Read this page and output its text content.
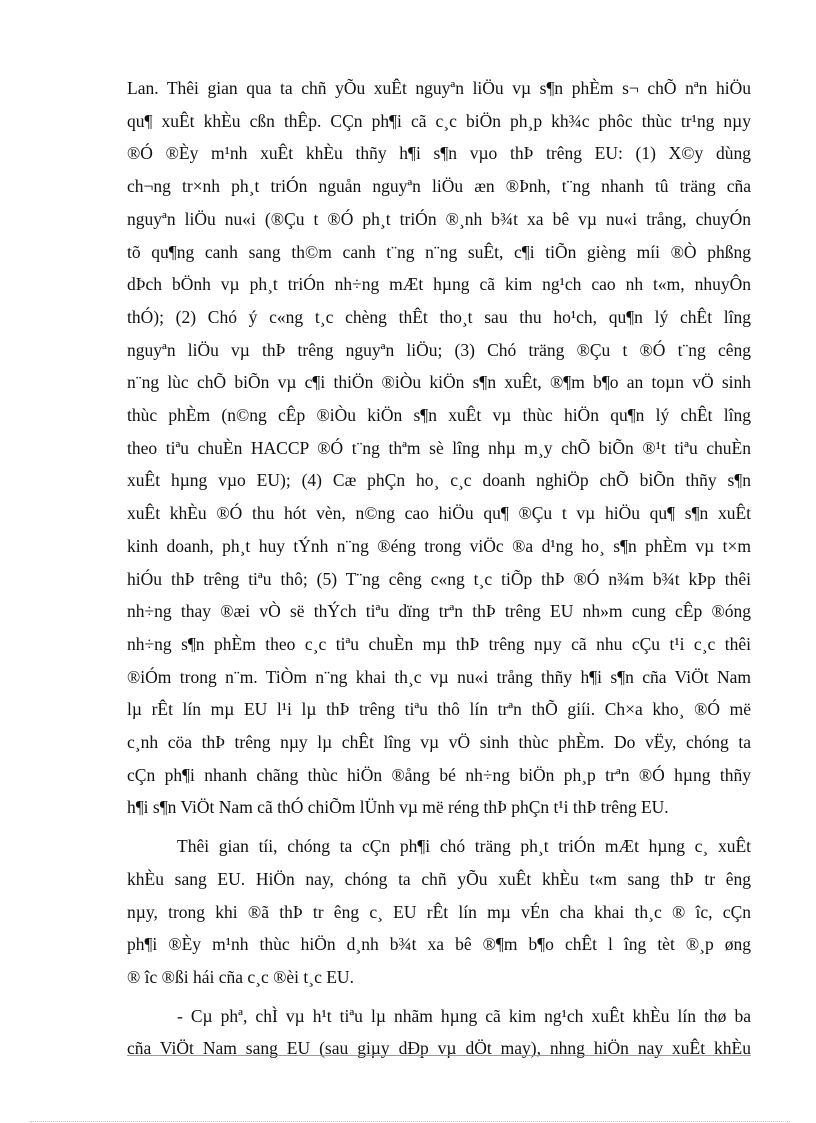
Lan. Thêi gian qua ta chñ yÕu xuÊt nguyªn liÖu vµ s¶n phÈm s¬ chÕ nªn hiÖu
qu¶ xuÊt khÈu cßn thÊp. CÇn ph¶i cã c¸c biÖn ph¸p kh¾c phôc thùc tr¹ng nµy
®Ó ®Èy m¹nh xuÊt khÈu thñy h¶i s¶n vµo thÞ trêng EU: (1) X©y dùng
ch¬ng tr×nh ph¸t triÓn nguån nguyªn liÖu æn ®Þnh, t¨ng nhanh tû träng cña
nguyªn liÖu nu«i (®Çu t ®Ó ph¸t triÓn ®¸nh b¾t xa bê vµ nu«i trång, chuyÓn
tõ qu¶ng canh sang th©m canh t¨ng n¨ng suÊt, c¶i tiÕn gièng míi ®Ò phßng
dÞch bÖnh vµ ph¸t triÓn nh÷ng mÆt hµng cã kim ng¹ch cao nh t«m, nhuyÔn
thÓ); (2) Chó ý c«ng t¸c chèng thÊt tho¸t sau thu ho¹ch, qu¶n lý chÊt lîng
nguyªn liÖu vµ thÞ trêng nguyªn liÖu; (3) Chó träng ®Çu t ®Ó t¨ng cêng
n¨ng lùc chÕ biÕn vµ c¶i thiÖn ®iÒu kiÖn s¶n xuÊt, ®¶m b¶o an toµn vÖ sinh
thùc phÈm (n©ng cÊp ®iÒu kiÖn s¶n xuÊt vµ thùc hiÖn qu¶n lý chÊt lîng
theo tiªu chuÈn HACCP ®Ó t¨ng thªm sè lîng nhµ m¸y chÕ biÕn ®¹t tiªu chuÈn
xuÊt hµng vµo EU); (4) Cæ phÇn ho¸ c¸c doanh nghiÖp chÕ biÕn thñy s¶n
xuÊt khÈu ®Ó thu hót vèn, n©ng cao hiÖu qu¶ ®Çu t vµ hiÖu qu¶ s¶n xuÊt
kinh doanh, ph¸t huy tÝnh n¨ng ®éng trong viÖc ®a d¹ng ho¸ s¶n phÈm vµ t×m
hiÓu thÞ trêng tiªu thô; (5) T¨ng cêng c«ng t¸c tiÕp thÞ ®Ó n¾m b¾t kÞp thêi
nh÷ng thay ®æi vÒ së thÝch tiªu dïng trªn thÞ trêng EU nh»m cung cÊp ®óng
nh÷ng s¶n phÈm theo c¸c tiªu chuÈn mµ thÞ trêng nµy cã nhu cÇu t¹i c¸c thêi
®iÓm trong n¨m. TiÒm n¨ng khai th¸c vµ nu«i trång thñy h¶i s¶n cña ViÖt Nam
lµ rÊt lín mµ EU l¹i lµ thÞ trêng tiªu thô lín trªn thÕ giíi. Ch×a kho¸ ®Ó më
c¸nh cöa thÞ trêng nµy lµ chÊt lîng vµ vÖ sinh thùc phÈm. Do vËy, chóng ta
cÇn ph¶i nhanh chãng thùc hiÖn ®ång bé nh÷ng biÖn ph¸p trªn ®Ó hµng thñy
h¶i s¶n ViÖt Nam cã thÓ chiÕm lÜnh vµ më réng thÞ phÇn t¹i thÞ trêng EU.

Thêi gian tíi, chóng ta cÇn ph¶i chó träng ph¸t triÓn mÆt hµng c¸ xuÊt
khÈu sang EU. HiÖn nay, chóng ta chñ yÕu xuÊt khÈu t«m sang thÞ tr êng
nµy, trong khi ®ã thÞ tr êng c¸ EU rÊt lín mµ vÉn cha khai th¸c ® îc, cÇn
ph¶i ®Èy m¹nh thùc hiÖn d¸nh b¾t xa bê ®¶m b¶o chÊt l îng tèt ®¸p øng
® îc ®ßi hái cña c¸c ®èi t¸c EU.

- Cµ phª, chÌ vµ h¹t tiªu lµ nhãm hµng cã kim ng¹ch xuÊt khÈu lín thø ba
cña ViÖt Nam sang EU (sau giµy dÐp vµ dÖt may), nhng hiÖn nay xuÊt khÈu
